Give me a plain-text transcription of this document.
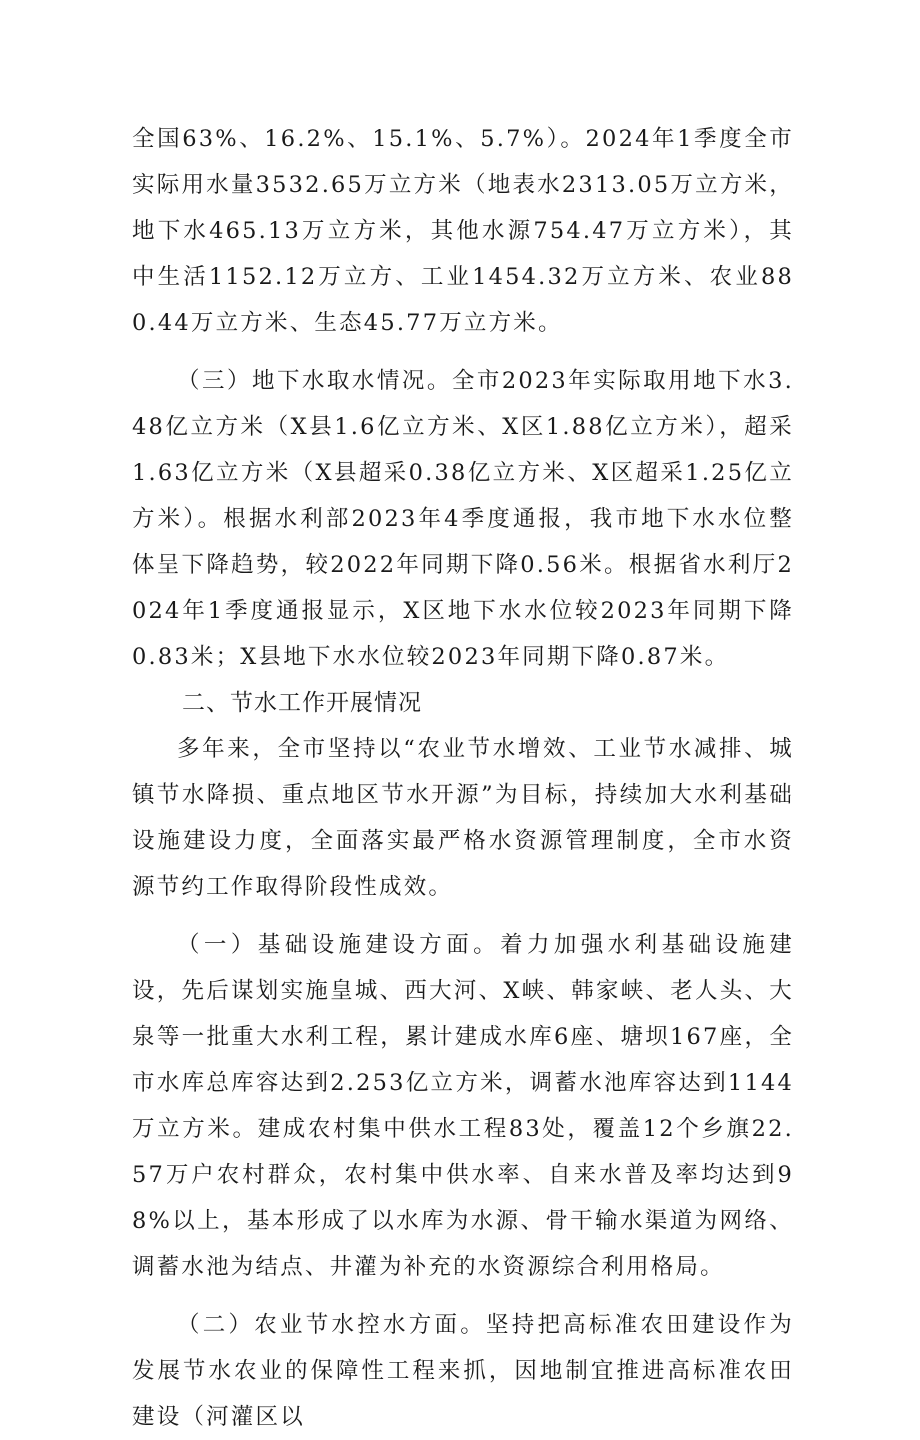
全国63%、16.2%、15.1%、5.7%）。2024年1季度全市实际用水量3532.65万立方米（地表水2313.05万立方米，地下水465.13万立方米，其他水源754.47万立方米），其中生活1152.12万立方、工业1454.32万立方米、农业880.44万立方米、生态45.77万立方米。

（三）地下水取水情况。全市2023年实际取用地下水3.48亿立方米（X县1.6亿立方米、X区1.88亿立方米），超采1.63亿立方米（X县超采0.38亿立方米、X区超采1.25亿立方米）。根据水利部2023年4季度通报，我市地下水水位整体呈下降趋势，较2022年同期下降0.56米。根据省水利厅2024年1季度通报显示，X区地下水水位较2023年同期下降0.83米；X县地下水水位较2023年同期下降0.87米。

二、节水工作开展情况

多年来，全市坚持以“农业节水增效、工业节水减排、城镇节水降损、重点地区节水开源”为目标，持续加大水利基础设施建设力度，全面落实最严格水资源管理制度，全市水资源节约工作取得阶段性成效。

（一）基础设施建设方面。着力加强水利基础设施建设，先后谋划实施皇城、西大河、X峡、韩家峡、老人头、大泉等一批重大水利工程，累计建成水库6座、塘坝167座，全市水库总库容达到2.253亿立方米，调蓄水池库容达到1144万立方米。建成农村集中供水工程83处，覆盖12个乡旗22.57万户农村群众，农村集中供水率、自来水普及率均达到98%以上，基本形成了以水库为水源、骨干输水渠道为网络、调蓄水池为结点、井灌为补充的水资源综合利用格局。

（二）农业节水控水方面。坚持把高标准农田建设作为发展节水农业的保障性工程来抓，因地制宜推进高标准农田建设（河灌区以
